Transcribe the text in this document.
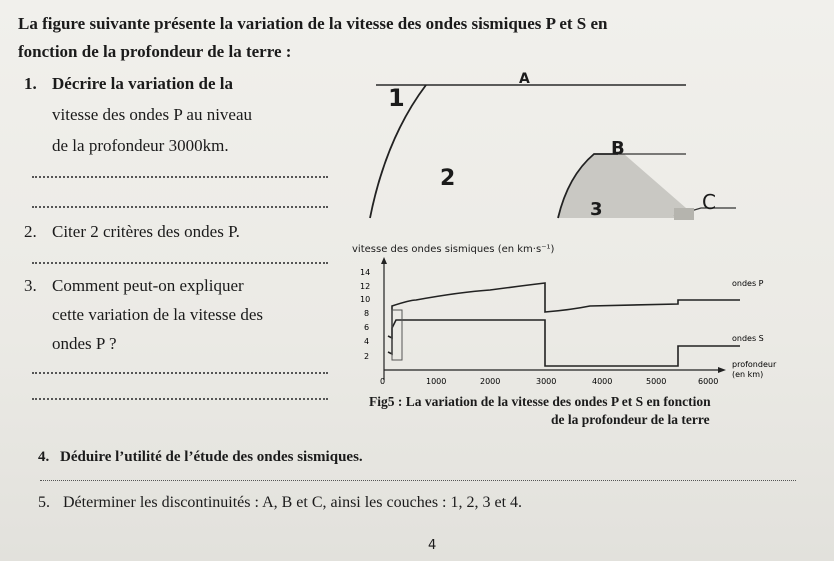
La figure suivante présente la variation de la vitesse des ondes sismiques P et S en
fonction de la profondeur de la terre :
1. Décrire la variation de la
vitesse des ondes P au niveau
de la profondeur 3000km.
2. Citer 2 critères des ondes P.
3. Comment peut-on expliquer
cette variation de la vitesse des
ondes P ?
1
A
2
B
3	C
vitesse des ondes sismiques (en km·s⁻¹)
2
4
6
8
10
12
14
0	1000	2000	3000	4000	5000	6000
ondes P
ondes S
profondeur
(en km)
Fig5 : La variation de la vitesse des ondes P et S en fonction
de la profondeur de la terre
4. Déduire l’utilité de l’étude des ondes sismiques.
5. Déterminer les discontinuités : A, B et C, ainsi les couches : 1, 2, 3 et 4.
4
